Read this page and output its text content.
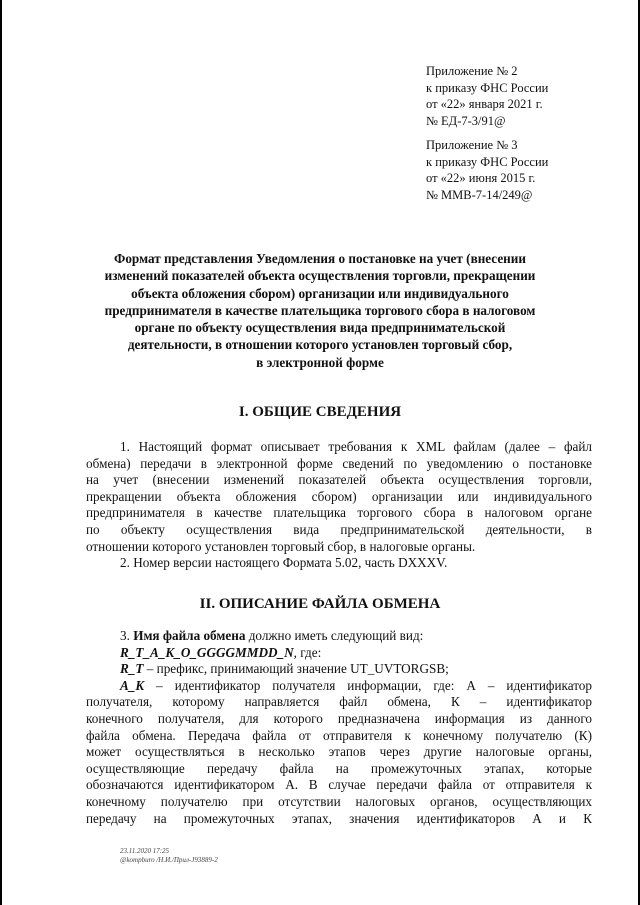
Приложение № 2
к приказу ФНС России
от «22» января 2021 г.
№ ЕД-7-3/91@
Приложение № 3
к приказу ФНС России
от «22» июня 2015 г.
№ ММВ-7-14/249@
Формат представления Уведомления о постановке на учет (внесении
изменений показателей объекта осуществления торговли, прекращении
объекта обложения сбором) организации или индивидуального
предпринимателя в качестве плательщика торгового сбора в налоговом
органе по объекту осуществления вида предпринимательской
деятельности, в отношении которого установлен торговый сбор,
в электронной форме
I. ОБЩИЕ СВЕДЕНИЯ
1. Настоящий формат описывает требования к XML файлам (далее – файл
обмена) передачи в электронной форме сведений по уведомлению о постановке
на учет (внесении изменений показателей объекта осуществления торговли,
прекращении объекта обложения сбором) организации или индивидуального
предпринимателя в качестве плательщика торгового сбора в налоговом органе
по объекту осуществления вида предпринимательской деятельности, в
отношении которого установлен торговый сбор, в налоговые органы.
2. Номер версии настоящего Формата 5.02, часть DXXXV.
II. ОПИСАНИЕ ФАЙЛА ОБМЕНА
3. Имя файла обмена должно иметь следующий вид:
R_T_A_K_O_GGGGMMDD_N, где:
R_T – префикс, принимающий значение UT_UVTORGSB;
A_K – идентификатор получателя информации, где: А – идентификатор
получателя, которому направляется файл обмена, К – идентификатор
конечного получателя, для которого предназначена информация из данного
файла обмена. Передача файла от отправителя к конечному получателю (К)
может осуществляться в несколько этапов через другие налоговые органы,
осуществляющие передачу файла на промежуточных этапах, которые
обозначаются идентификатором А. В случае передачи файла от отправителя к
конечному получателю при отсутствии налоговых органов, осуществляющих
передачу на промежуточных этапах, значения идентификаторов А и К
23.11.2020 17:25
@kompburo /Н.И./Прил-J93889-2
